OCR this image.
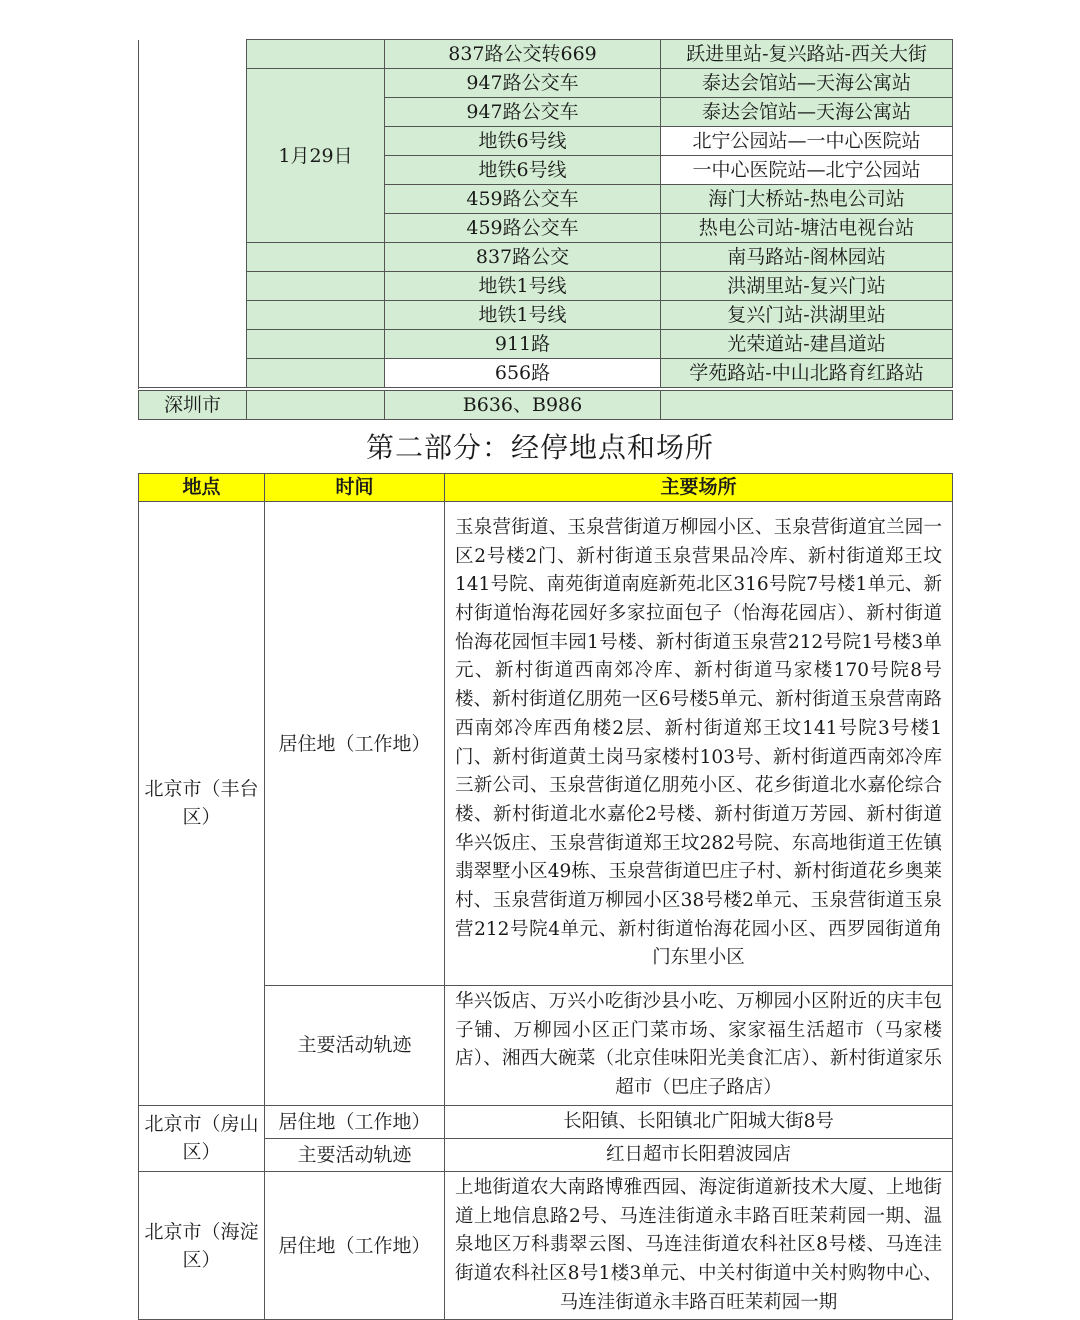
		837路公交转669	跃进里站-复兴路站-西关大街
	1月29日	947路公交车	泰达会馆站—天海公寓站
		947路公交车	泰达会馆站—天海公寓站
		地铁6号线	北宁公园站—一中心医院站
		地铁6号线	一中心医院站—北宁公园站
		459路公交车	海门大桥站-热电公司站
		459路公交车	热电公司站-塘沽电视台站
		837路公交	南马路站-阁林园站
		地铁1号线	洪湖里站-复兴门站
		地铁1号线	复兴门站-洪湖里站
		911路	光荣道站-建昌道站
		656路	学苑路站-中山北路育红路站

深圳市		B636、B986	
第二部分：经停地点和场所
地点	时间	主要场所
北京市（丰台区）	居住地（工作地）	玉泉营街道、玉泉营街道万柳园小区、玉泉营街道宜兰园一区2号楼2门、新村街道玉泉营果品冷库、新村街道郑王坟141号院、南苑街道南庭新苑北区316号院7号楼1单元、新村街道怡海花园好多家拉面包子（怡海花园店）、新村街道怡海花园恒丰园1号楼、新村街道玉泉营212号院1号楼3单元、新村街道西南郊冷库、新村街道马家楼170号院8号楼、新村街道亿朋苑一区6号楼5单元、新村街道玉泉营南路西南郊冷库西角楼2层、新村街道郑王坟141号院3号楼1门、新村街道黄土岗马家楼村103号、新村街道西南郊冷库三新公司、玉泉营街道亿朋苑小区、花乡街道北水嘉伦综合楼、新村街道北水嘉伦2号楼、新村街道万芳园、新村街道华兴饭庄、玉泉营街道郑王坟282号院、东高地街道王佐镇翡翠墅小区49栋、玉泉营街道巴庄子村、新村街道花乡奥莱村、玉泉营街道万柳园小区38号楼2单元、玉泉营街道玉泉营212号院4单元、新村街道怡海花园小区、西罗园街道角门东里小区
	主要活动轨迹	华兴饭店、万兴小吃街沙县小吃、万柳园小区附近的庆丰包子铺、万柳园小区正门菜市场、家家福生活超市（马家楼店）、湘西大碗菜（北京佳味阳光美食汇店）、新村街道家乐超市（巴庄子路店）
北京市（房山区）	居住地（工作地）	长阳镇、长阳镇北广阳城大街8号
	主要活动轨迹	红日超市长阳碧波园店
北京市（海淀区）	居住地（工作地）	上地街道农大南路博雅西园、海淀街道新技术大厦、上地街道上地信息路2号、马连洼街道永丰路百旺茉莉园一期、温泉地区万科翡翠云图、马连洼街道农科社区8号楼、马连洼街道农科社区8号1楼3单元、中关村街道中关村购物中心、马连洼街道永丰路百旺茉莉园一期
